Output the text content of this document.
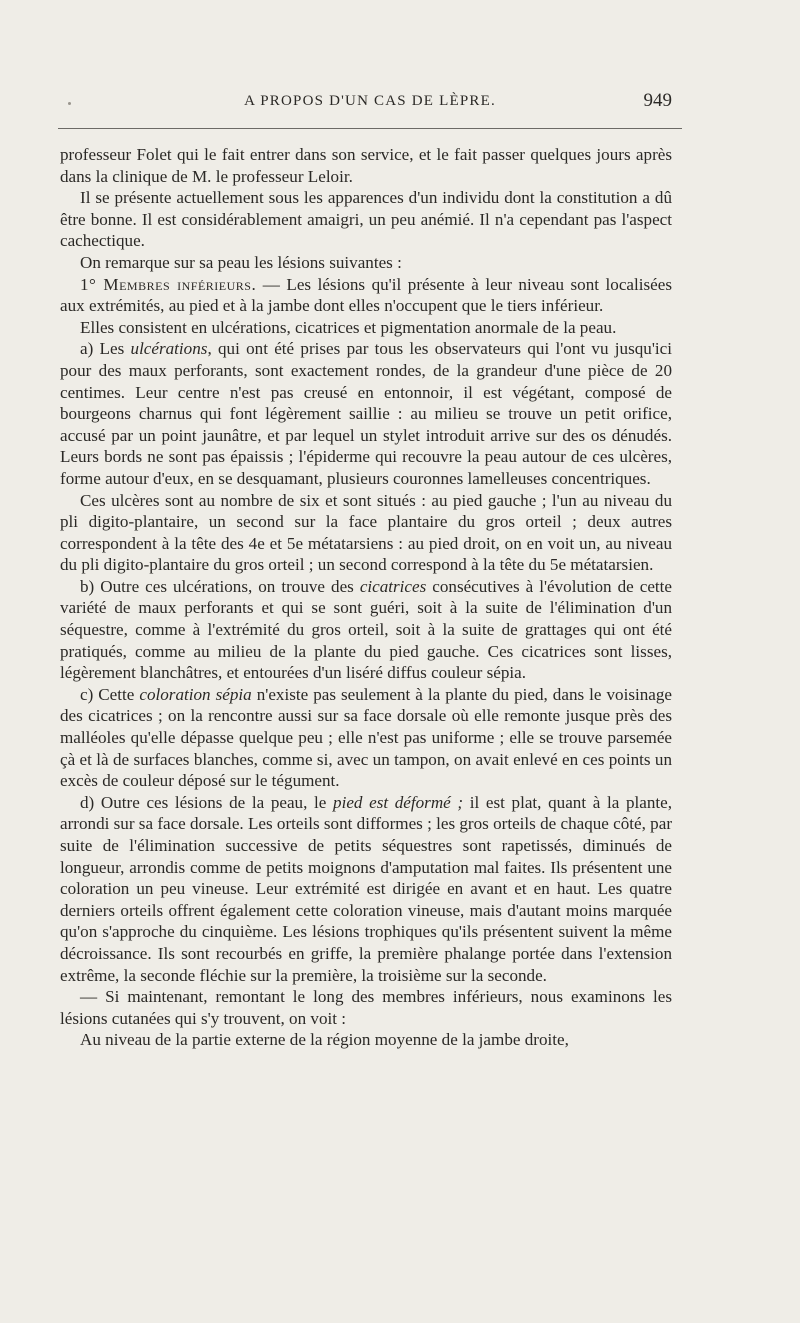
A PROPOS D'UN CAS DE LÈPRE.	949

professeur Folet qui le fait entrer dans son service, et le fait passer quelques jours après dans la clinique de M. le professeur Leloir.

Il se présente actuellement sous les apparences d'un individu dont la constitution a dû être bonne. Il est considérablement amaigri, un peu anémié. Il n'a cependant pas l'aspect cachectique.

On remarque sur sa peau les lésions suivantes :

1° Membres inférieurs. — Les lésions qu'il présente à leur niveau sont localisées aux extrémités, au pied et à la jambe dont elles n'occupent que le tiers inférieur.

Elles consistent en ulcérations, cicatrices et pigmentation anormale de la peau.

a) Les ulcérations, qui ont été prises par tous les observateurs qui l'ont vu jusqu'ici pour des maux perforants, sont exactement rondes, de la grandeur d'une pièce de 20 centimes. Leur centre n'est pas creusé en entonnoir, il est végétant, composé de bourgeons charnus qui font légèrement saillie : au milieu se trouve un petit orifice, accusé par un point jaunâtre, et par lequel un stylet introduit arrive sur des os dénudés. Leurs bords ne sont pas épaissis ; l'épiderme qui recouvre la peau autour de ces ulcères, forme autour d'eux, en se desquamant, plusieurs couronnes lamelleuses concentriques.

Ces ulcères sont au nombre de six et sont situés : au pied gauche ; l'un au niveau du pli digito-plantaire, un second sur la face plantaire du gros orteil ; deux autres correspondent à la tête des 4e et 5e métatarsiens : au pied droit, on en voit un, au niveau du pli digito-plantaire du gros orteil ; un second correspond à la tête du 5e métatarsien.

b) Outre ces ulcérations, on trouve des cicatrices consécutives à l'évolution de cette variété de maux perforants et qui se sont guéri, soit à la suite de l'élimination d'un séquestre, comme à l'extrémité du gros orteil, soit à la suite de grattages qui ont été pratiqués, comme au milieu de la plante du pied gauche. Ces cicatrices sont lisses, légèrement blanchâtres, et entourées d'un liséré diffus couleur sépia.

c) Cette coloration sépia n'existe pas seulement à la plante du pied, dans le voisinage des cicatrices ; on la rencontre aussi sur sa face dorsale où elle remonte jusque près des malléoles qu'elle dépasse quelque peu ; elle n'est pas uniforme ; elle se trouve parsemée çà et là de surfaces blanches, comme si, avec un tampon, on avait enlevé en ces points un excès de couleur déposé sur le tégument.

d) Outre ces lésions de la peau, le pied est déformé ; il est plat, quant à la plante, arrondi sur sa face dorsale. Les orteils sont difformes ; les gros orteils de chaque côté, par suite de l'élimination successive de petits séquestres sont rapetissés, diminués de longueur, arrondis comme de petits moignons d'amputation mal faites. Ils présentent une coloration un peu vineuse. Leur extrémité est dirigée en avant et en haut. Les quatre derniers orteils offrent également cette coloration vineuse, mais d'autant moins marquée qu'on s'approche du cinquième. Les lésions trophiques qu'ils présentent suivent la même décroissance. Ils sont recourbés en griffe, la première phalange portée dans l'extension extrême, la seconde fléchie sur la première, la troisième sur la seconde.

— Si maintenant, remontant le long des membres inférieurs, nous examinons les lésions cutanées qui s'y trouvent, on voit :

Au niveau de la partie externe de la région moyenne de la jambe droite,
